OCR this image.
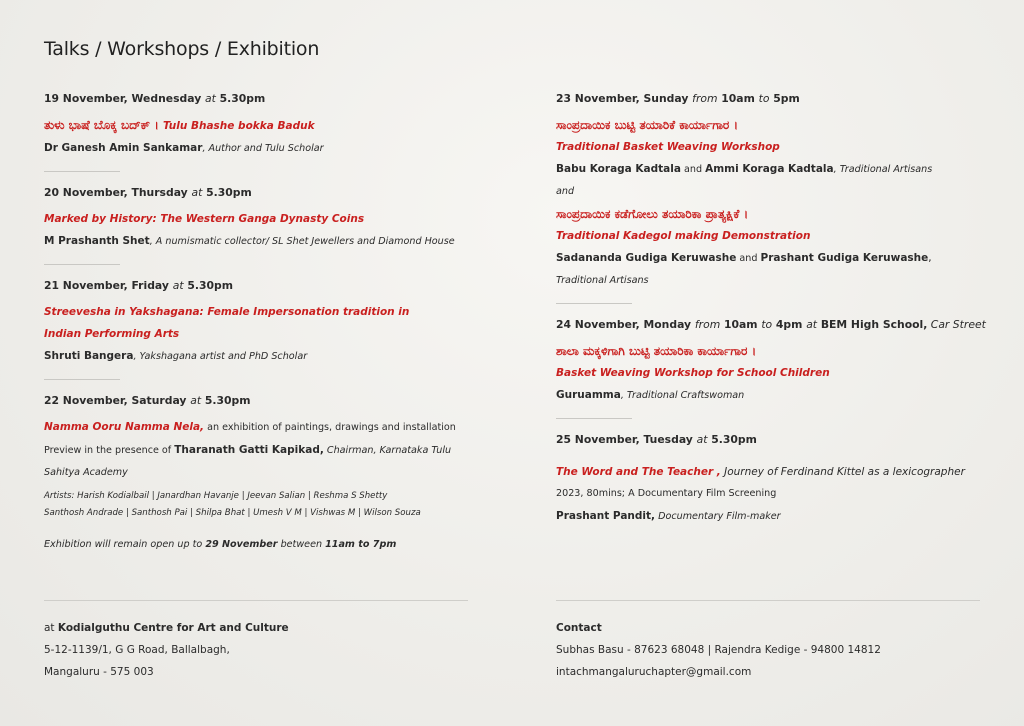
Talks / Workshops / Exhibition
19 November, Wednesday at 5.30pm
ತುಳು ಭಾಷೆ ಬೊಕ್ಕ ಬದ್‌ಕ್ । Tulu Bhashe bokka Baduk
Dr Ganesh Amin Sankamar, Author and Tulu Scholar
20 November, Thursday at 5.30pm
Marked by History: The Western Ganga Dynasty Coins
M Prashanth Shet, A numismatic collector/ SL Shet Jewellers and Diamond House
21 November, Friday at 5.30pm
Streevesha in Yakshagana: Female Impersonation tradition in Indian Performing Arts
Shruti Bangera, Yakshagana artist and PhD Scholar
22 November, Saturday at 5.30pm
Namma Ooru Namma Nela, an exhibition of paintings, drawings and installation
Preview in the presence of Tharanath Gatti Kapikad, Chairman, Karnataka Tulu Sahitya Academy
Artists: Harish Kodialbail | Janardhan Havanje | Jeevan Salian | Reshma S Shetty
Santhosh Andrade | Santhosh Pai | Shilpa Bhat | Umesh V M | Vishwas M | Wilson Souza
Exhibition will remain open up to 29 November between 11am to 7pm
23 November, Sunday from 10am to 5pm
ಸಾಂಪ್ರದಾಯಿಕ ಬುಟ್ಟಿ ತಯಾರಿಕೆ ಕಾರ್ಯಾಗಾರ ।
Traditional Basket Weaving Workshop
Babu Koraga Kadtala and Ammi Koraga Kadtala, Traditional Artisans
and
ಸಾಂಪ್ರದಾಯಿಕ ಕಡೆಗೋಲು ತಯಾರಿಕಾ ಪ್ರಾತ್ಯಕ್ಷಿಕೆ ।
Traditional Kadegol making Demonstration
Sadananda Gudiga Keruwashe and Prashant Gudiga Keruwashe,
Traditional Artisans
24 November, Monday from 10am to 4pm at BEM High School, Car Street
ಶಾಲಾ ಮಕ್ಕಳಿಗಾಗಿ ಬುಟ್ಟಿ ತಯಾರಿಕಾ ಕಾರ್ಯಾಗಾರ ।
Basket Weaving Workshop for School Children
Guruamma, Traditional Craftswoman
25 November, Tuesday at 5.30pm
The Word and The Teacher , Journey of Ferdinand Kittel as a lexicographer
2023, 80mins; A Documentary Film Screening
Prashant Pandit, Documentary Film-maker
at Kodialguthu Centre for Art and Culture
5-12-1139/1, G G Road, Ballalbagh,
Mangaluru - 575 003
Contact
Subhas Basu - 87623 68048 | Rajendra Kedige - 94800 14812
intachmangaluruchapter@gmail.com
